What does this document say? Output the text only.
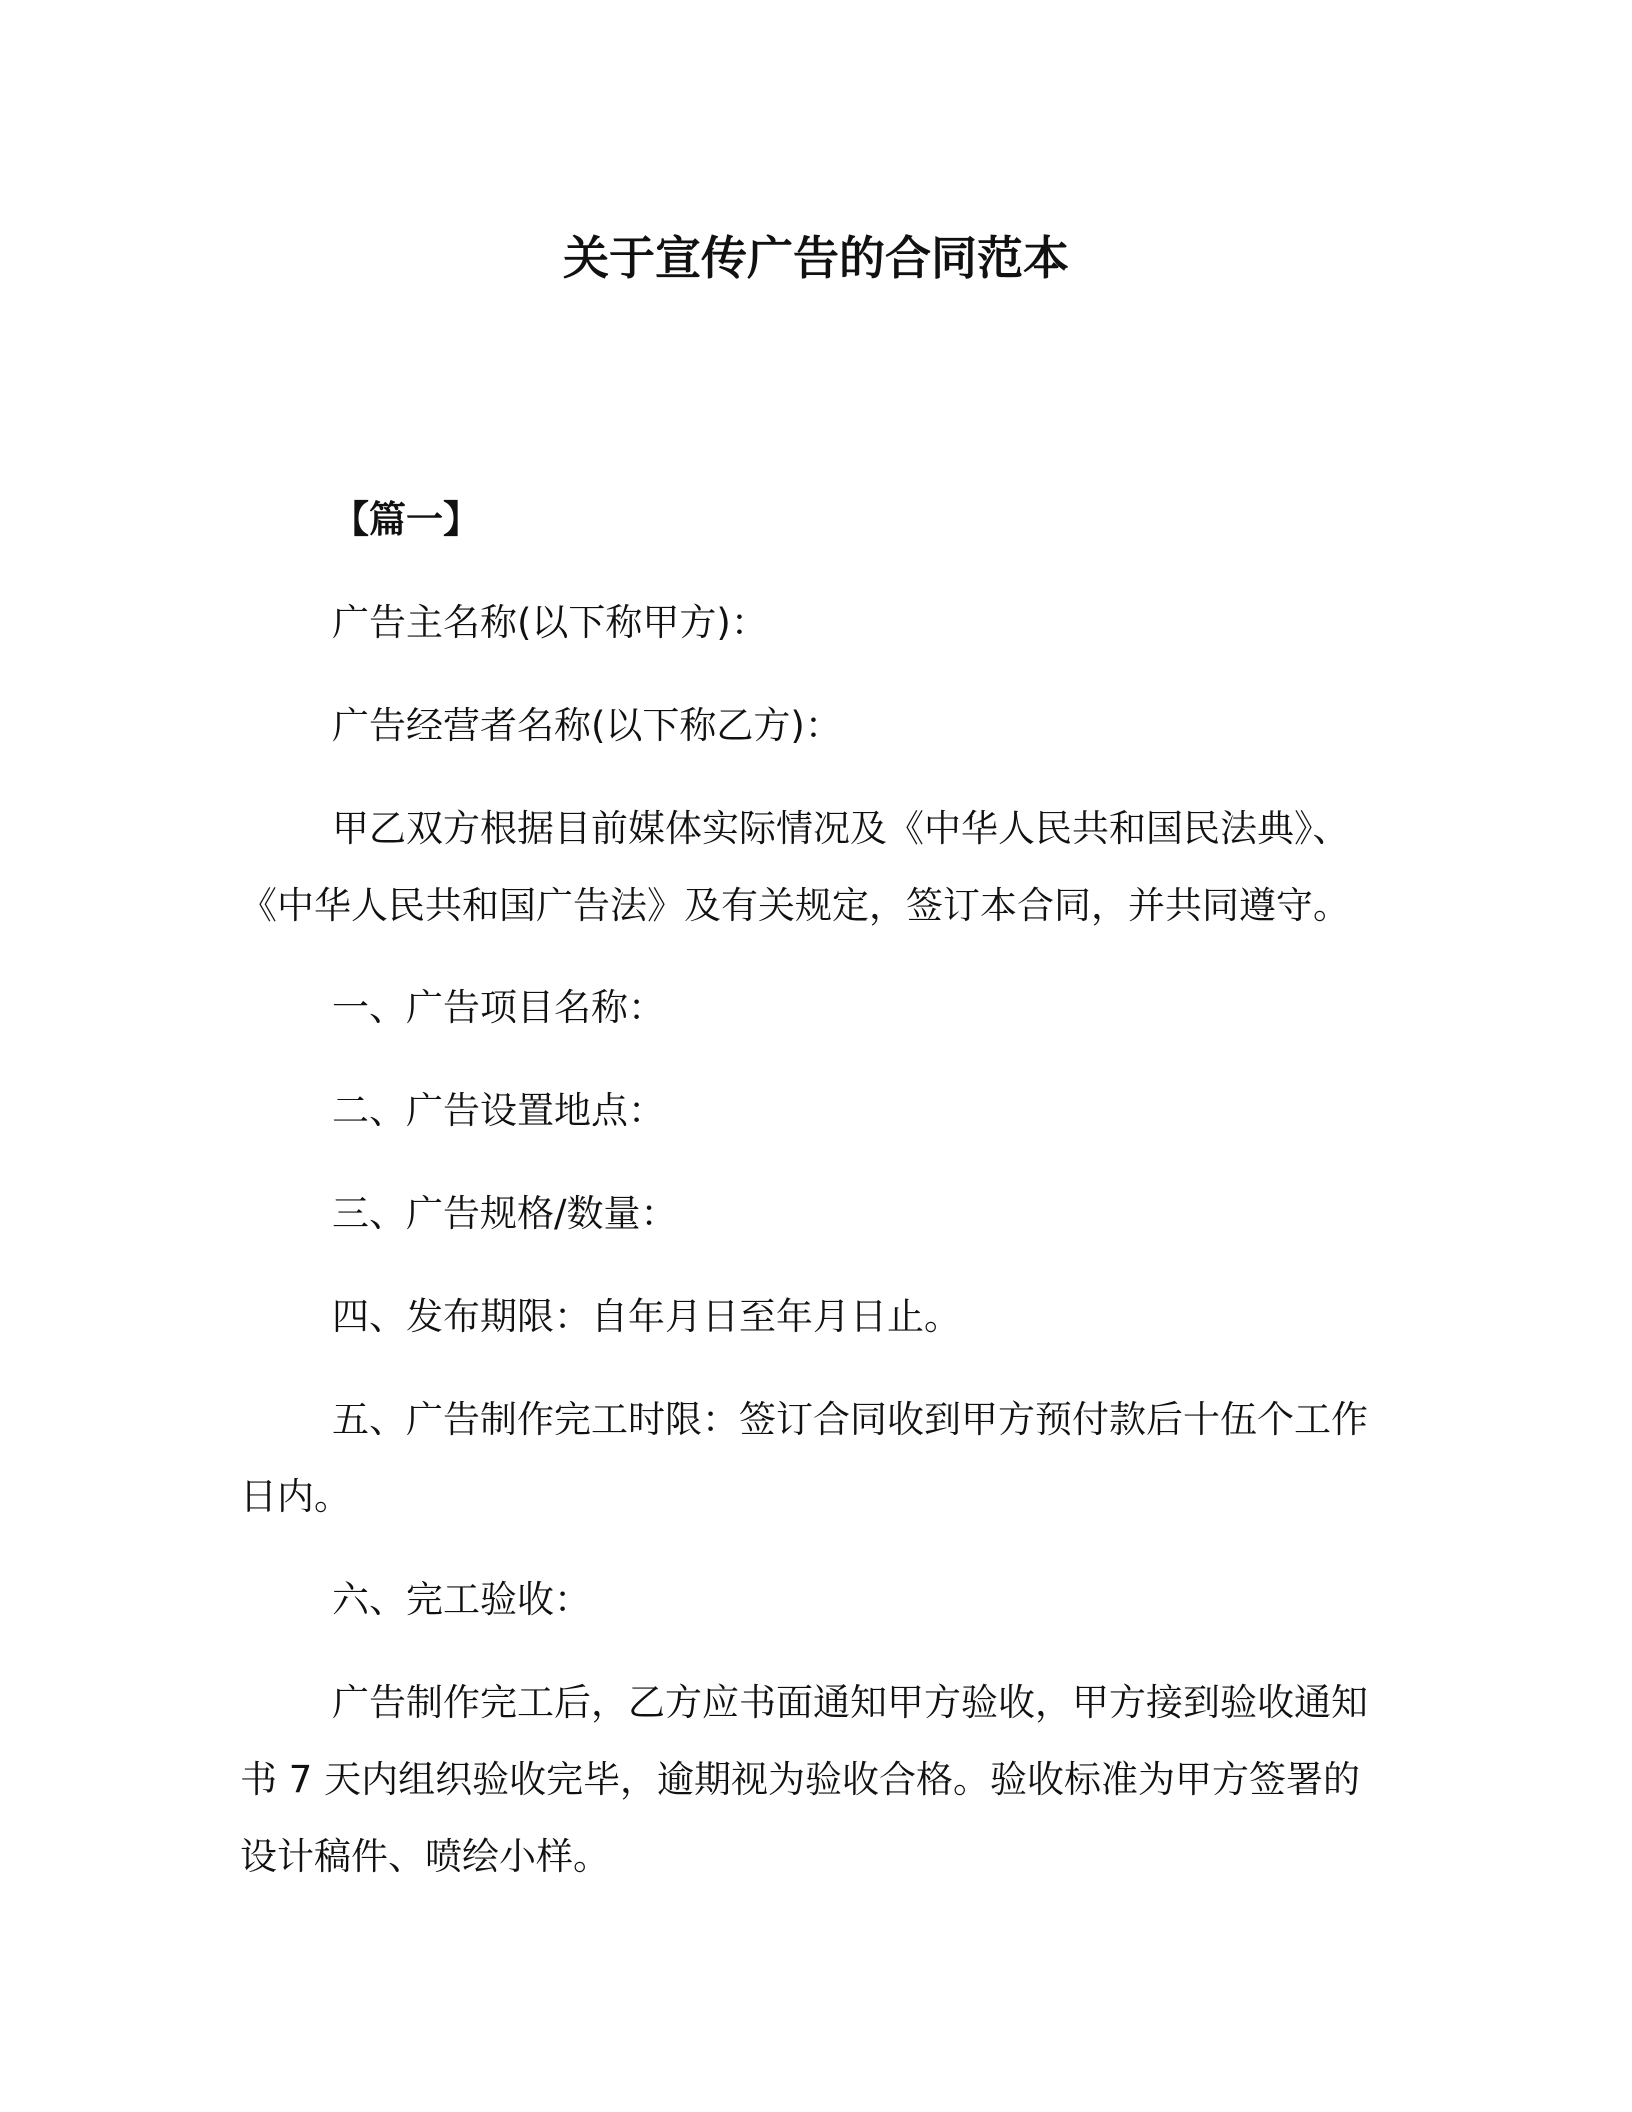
关于宣传广告的合同范本
【篇一】
广告主名称(以下称甲方)：
广告经营者名称(以下称乙方)：
甲乙双方根据目前媒体实际情况及《中华人民共和国民法典》、
《中华人民共和国广告法》及有关规定，签订本合同，并共同遵守。
一、广告项目名称：
二、广告设置地点：
三、广告规格/数量：
四、发布期限：自年月日至年月日止。
五、广告制作完工时限：签订合同收到甲方预付款后十伍个工作
日内。
六、完工验收：
广告制作完工后，乙方应书面通知甲方验收，甲方接到验收通知
书 7 天内组织验收完毕，逾期视为验收合格。验收标准为甲方签署的
设计稿件、喷绘小样。
